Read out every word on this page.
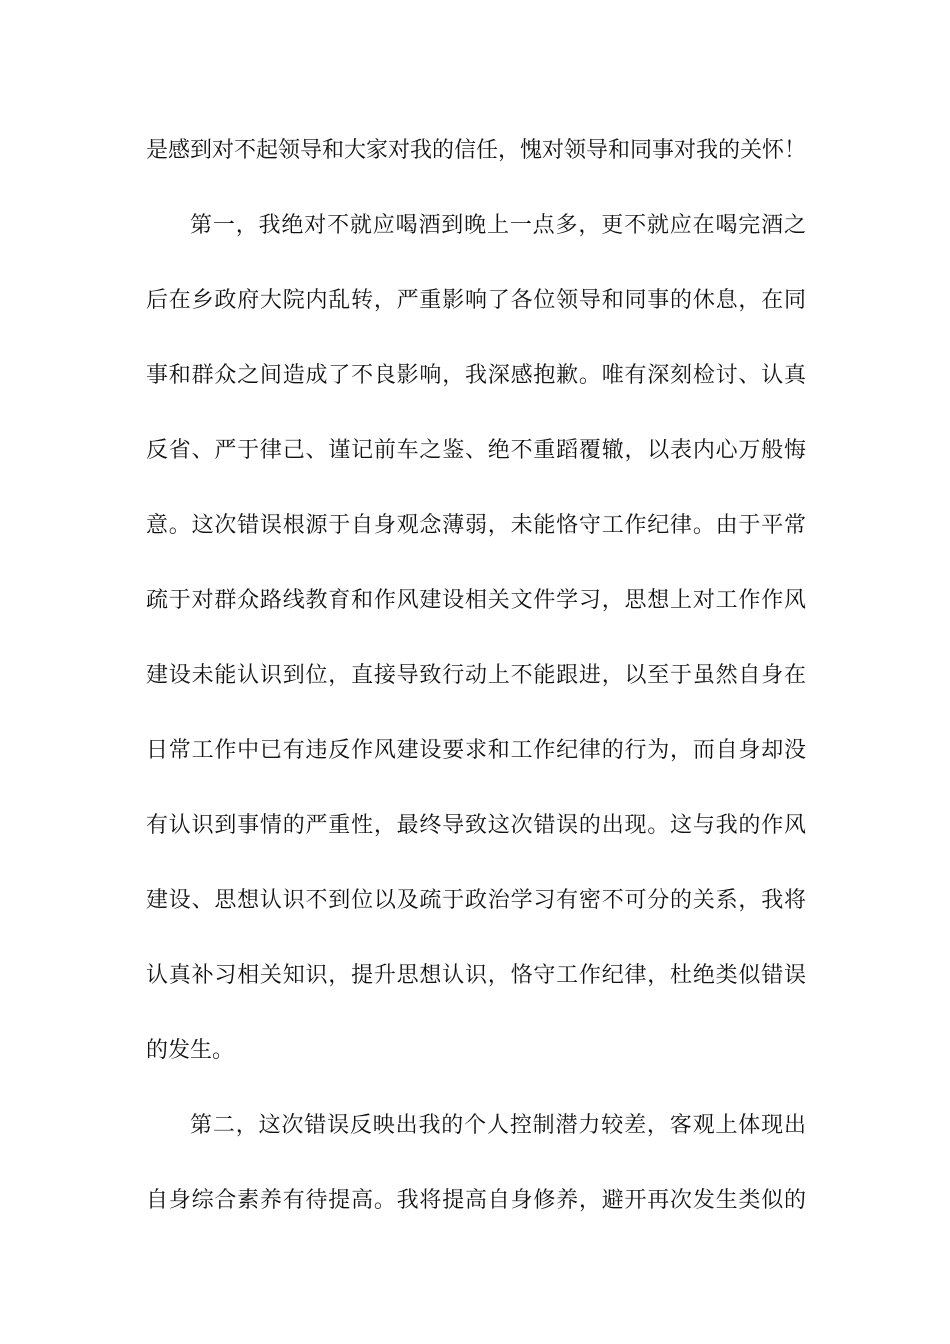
是感到对不起领导和大家对我的信任，愧对领导和同事对我的关怀！
第一，我绝对不就应喝酒到晚上一点多，更不就应在喝完酒之
后在乡政府大院内乱转，严重影响了各位领导和同事的休息，在同
事和群众之间造成了不良影响，我深感抱歉。唯有深刻检讨、认真
反省、严于律己、谨记前车之鉴、绝不重蹈覆辙，以表内心万般悔
意。这次错误根源于自身观念薄弱，未能恪守工作纪律。由于平常
疏于对群众路线教育和作风建设相关文件学习，思想上对工作作风
建设未能认识到位，直接导致行动上不能跟进，以至于虽然自身在
日常工作中已有违反作风建设要求和工作纪律的行为，而自身却没
有认识到事情的严重性，最终导致这次错误的出现。这与我的作风
建设、思想认识不到位以及疏于政治学习有密不可分的关系，我将
认真补习相关知识，提升思想认识，恪守工作纪律，杜绝类似错误
的发生。
第二，这次错误反映出我的个人控制潜力较差，客观上体现出
自身综合素养有待提高。我将提高自身修养，避开再次发生类似的
